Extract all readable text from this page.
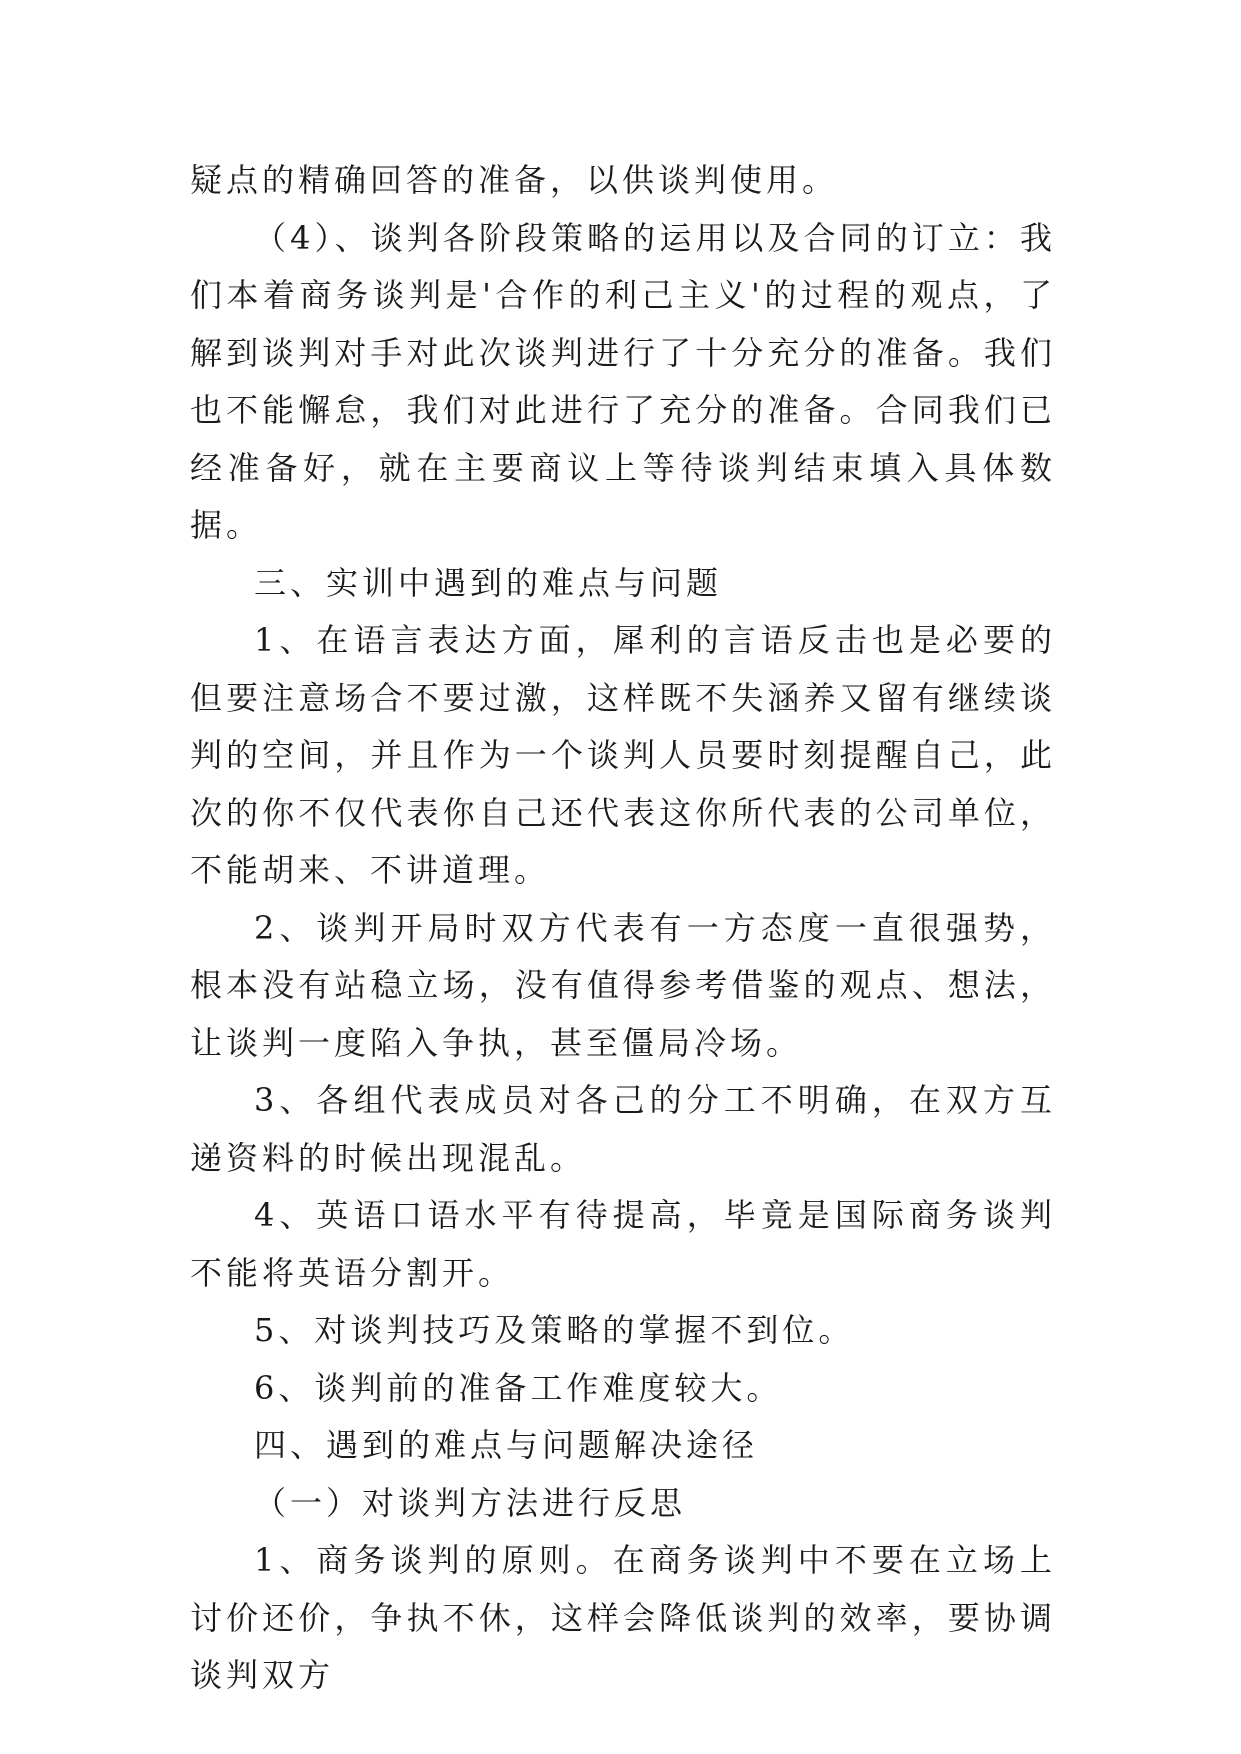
疑点的精确回答的准备，以供谈判使用。

（4）、谈判各阶段策略的运用以及合同的订立：我们本着商务谈判是'合作的利己主义'的过程的观点，了解到谈判对手对此次谈判进行了十分充分的准备。我们也不能懈怠，我们对此进行了充分的准备。合同我们已经准备好，就在主要商议上等待谈判结束填入具体数据。

三、实训中遇到的难点与问题

1、在语言表达方面，犀利的言语反击也是必要的但要注意场合不要过激，这样既不失涵养又留有继续谈判的空间，并且作为一个谈判人员要时刻提醒自己，此次的你不仅代表你自己还代表这你所代表的公司单位，不能胡来、不讲道理。

2、谈判开局时双方代表有一方态度一直很强势，根本没有站稳立场，没有值得参考借鉴的观点、想法，让谈判一度陷入争执，甚至僵局冷场。

3、各组代表成员对各己的分工不明确，在双方互递资料的时候出现混乱。

4、英语口语水平有待提高，毕竟是国际商务谈判不能将英语分割开。

5、对谈判技巧及策略的掌握不到位。

6、谈判前的准备工作难度较大。

四、遇到的难点与问题解决途径

（一）对谈判方法进行反思

1、商务谈判的原则。在商务谈判中不要在立场上讨价还价，争执不休，这样会降低谈判的效率，要协调谈判双方
